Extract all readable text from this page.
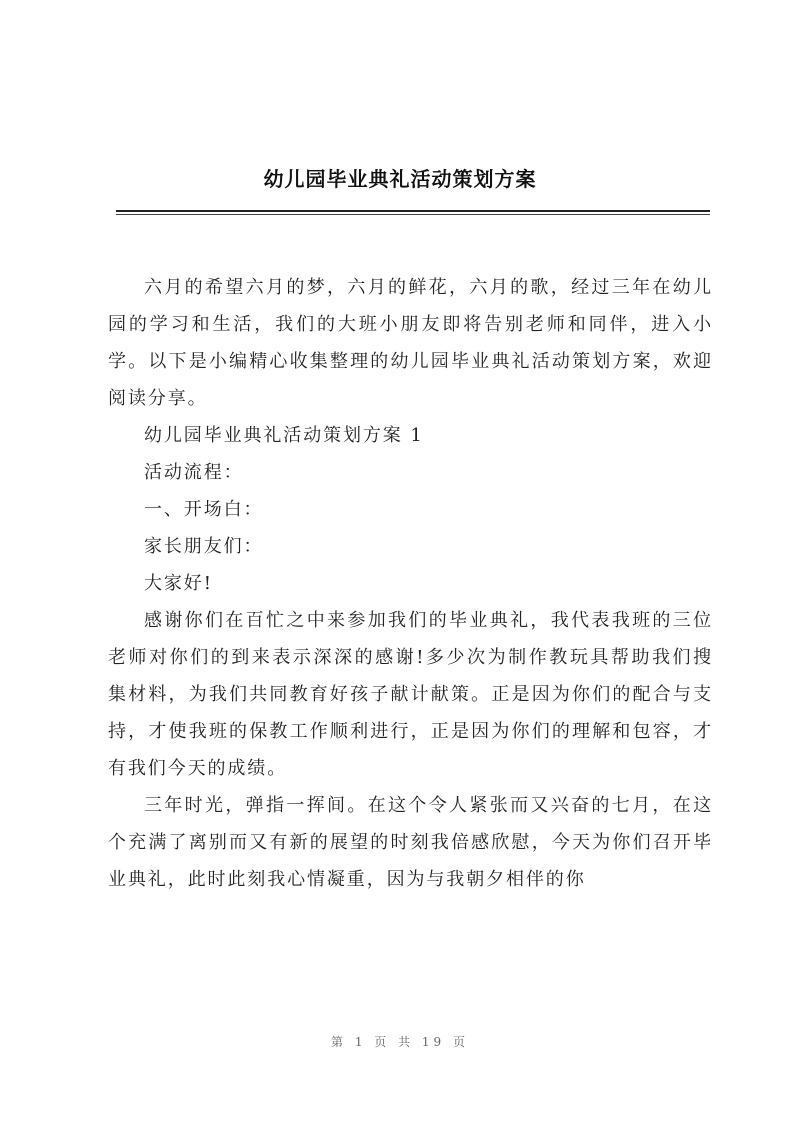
幼儿园毕业典礼活动策划方案

六月的希望六月的梦，六月的鲜花，六月的歌，经过三年在幼儿园的学习和生活，我们的大班小朋友即将告别老师和同伴，进入小学。以下是小编精心收集整理的幼儿园毕业典礼活动策划方案，欢迎阅读分享。

幼儿园毕业典礼活动策划方案 1

活动流程：

一、开场白：

家长朋友们：

大家好!

感谢你们在百忙之中来参加我们的毕业典礼，我代表我班的三位老师对你们的到来表示深深的感谢!多少次为制作教玩具帮助我们搜集材料，为我们共同教育好孩子献计献策。正是因为你们的配合与支持，才使我班的保教工作顺利进行，正是因为你们的理解和包容，才有我们今天的成绩。

三年时光，弹指一挥间。在这个令人紧张而又兴奋的七月，在这个充满了离别而又有新的展望的时刻我倍感欣慰，今天为你们召开毕业典礼，此时此刻我心情凝重，因为与我朝夕相伴的你

第 1 页 共 19 页
